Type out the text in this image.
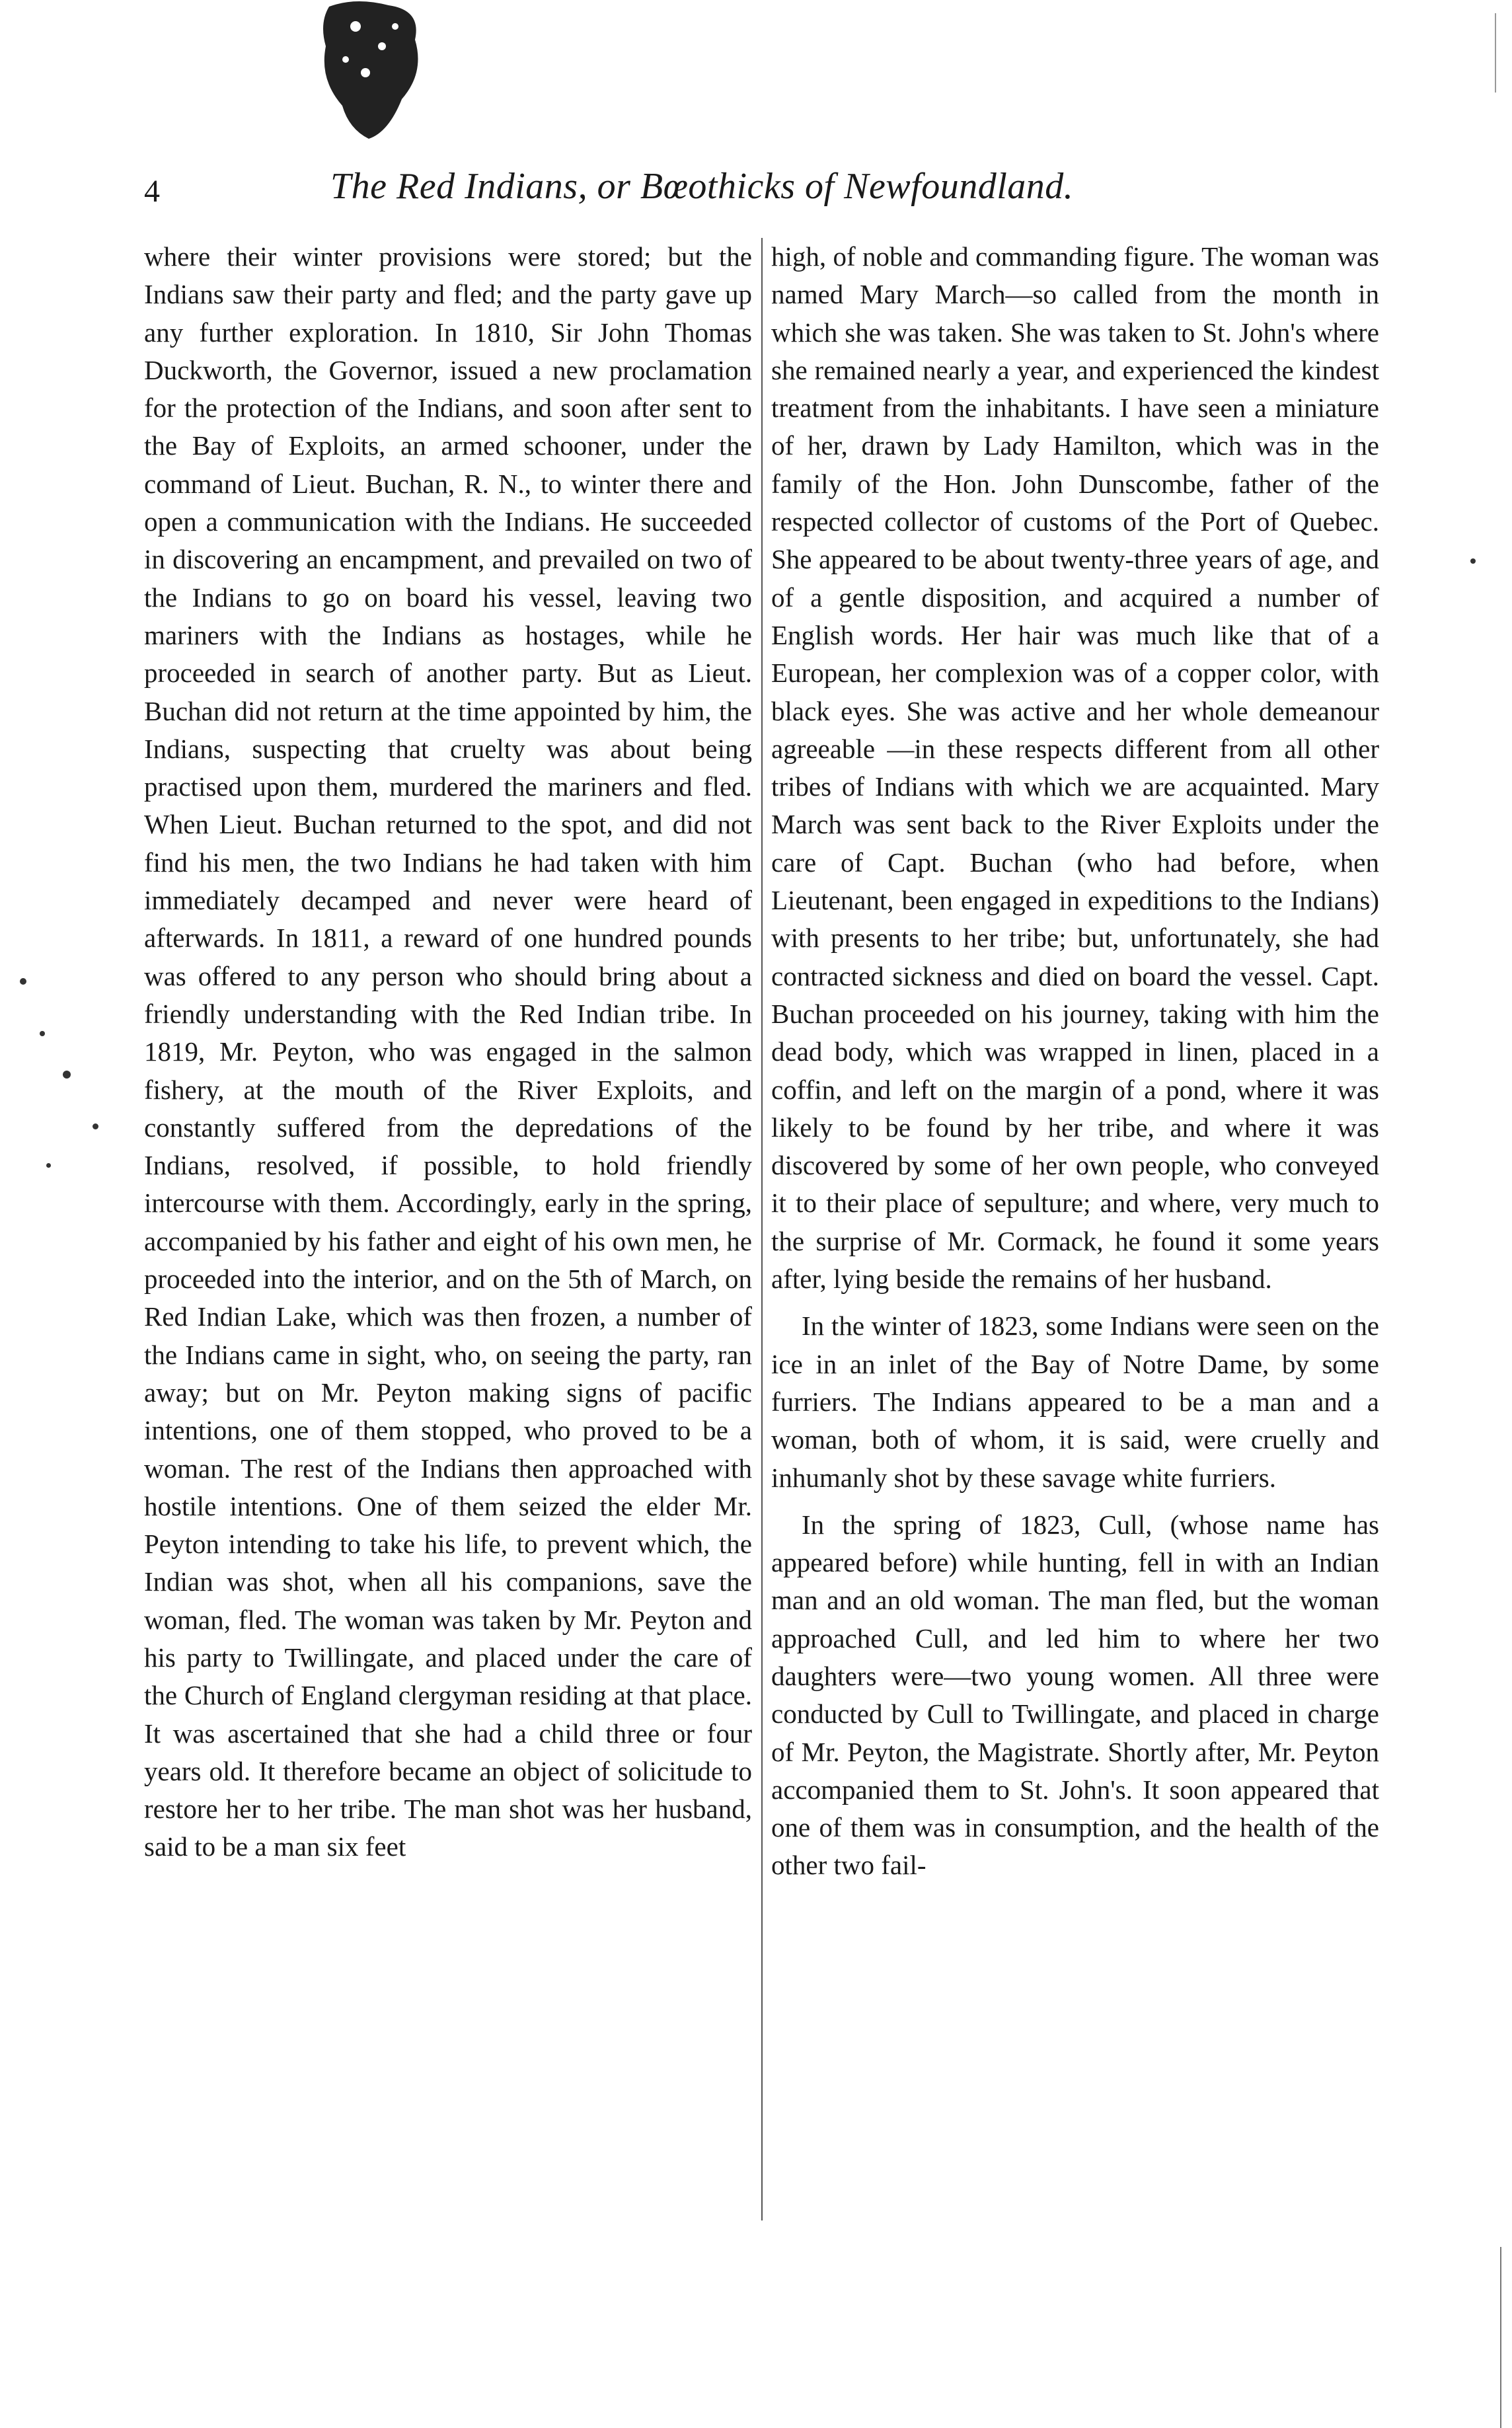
4	The Red Indians, or Bœothicks of Newfoundland.

where their winter provisions were stored; but the Indians saw their party and fled; and the party gave up any further exploration. In 1810, Sir John Thomas Duckworth, the Governor, issued a new proclamation for the protection of the Indians, and soon after sent to the Bay of Exploits, an armed schooner, under the command of Lieut. Buchan, R. N., to winter there and open a communication with the Indians. He succeeded in discovering an encampment, and prevailed on two of the Indians to go on board his vessel, leaving two mariners with the Indians as hostages, while he proceeded in search of another party. But as Lieut. Buchan did not return at the time appointed by him, the Indians, suspecting that cruelty was about being practised upon them, murdered the mariners and fled. When Lieut. Buchan returned to the spot, and did not find his men, the two Indians he had taken with him immediately decamped and never were heard of afterwards. In 1811, a reward of one hundred pounds was offered to any person who should bring about a friendly understanding with the Red Indian tribe. In 1819, Mr. Peyton, who was engaged in the salmon fishery, at the mouth of the River Exploits, and constantly suffered from the depredations of the Indians, resolved, if possible, to hold friendly intercourse with them. Accordingly, early in the spring, accompanied by his father and eight of his own men, he proceeded into the interior, and on the 5th of March, on Red Indian Lake, which was then frozen, a number of the Indians came in sight, who, on seeing the party, ran away; but on Mr. Peyton making signs of pacific intentions, one of them stopped, who proved to be a woman. The rest of the Indians then approached with hostile intentions. One of them seized the elder Mr. Peyton intending to take his life, to prevent which, the Indian was shot, when all his companions, save the woman, fled. The woman was taken by Mr. Peyton and his party to Twillingate, and placed under the care of the Church of England clergyman residing at that place. It was ascertained that she had a child three or four years old. It therefore became an object of solicitude to restore her to her tribe. The man shot was her husband, said to be a man six feet

high, of noble and commanding figure. The woman was named Mary March—so called from the month in which she was taken. She was taken to St. John's where she remained nearly a year, and experienced the kindest treatment from the inhabitants. I have seen a miniature of her, drawn by Lady Hamilton, which was in the family of the Hon. John Dunscombe, father of the respected collector of customs of the Port of Quebec. She appeared to be about twenty-three years of age, and of a gentle disposition, and acquired a number of English words. Her hair was much like that of a European, her complexion was of a copper color, with black eyes. She was active and her whole demeanour agreeable —in these respects different from all other tribes of Indians with which we are acquainted. Mary March was sent back to the River Exploits under the care of Capt. Buchan (who had before, when Lieutenant, been engaged in expeditions to the Indians) with presents to her tribe; but, unfortunately, she had contracted sickness and died on board the vessel. Capt. Buchan proceeded on his journey, taking with him the dead body, which was wrapped in linen, placed in a coffin, and left on the margin of a pond, where it was likely to be found by her tribe, and where it was discovered by some of her own people, who conveyed it to their place of sepulture; and where, very much to the surprise of Mr. Cormack, he found it some years after, lying beside the remains of her husband.

In the winter of 1823, some Indians were seen on the ice in an inlet of the Bay of Notre Dame, by some furriers. The Indians appeared to be a man and a woman, both of whom, it is said, were cruelly and inhumanly shot by these savage white furriers.

In the spring of 1823, Cull, (whose name has appeared before) while hunting, fell in with an Indian man and an old woman. The man fled, but the woman approached Cull, and led him to where her two daughters were—two young women. All three were conducted by Cull to Twillingate, and placed in charge of Mr. Peyton, the Magistrate. Shortly after, Mr. Peyton accompanied them to St. John's. It soon appeared that one of them was in consumption, and the health of the other two fail-
